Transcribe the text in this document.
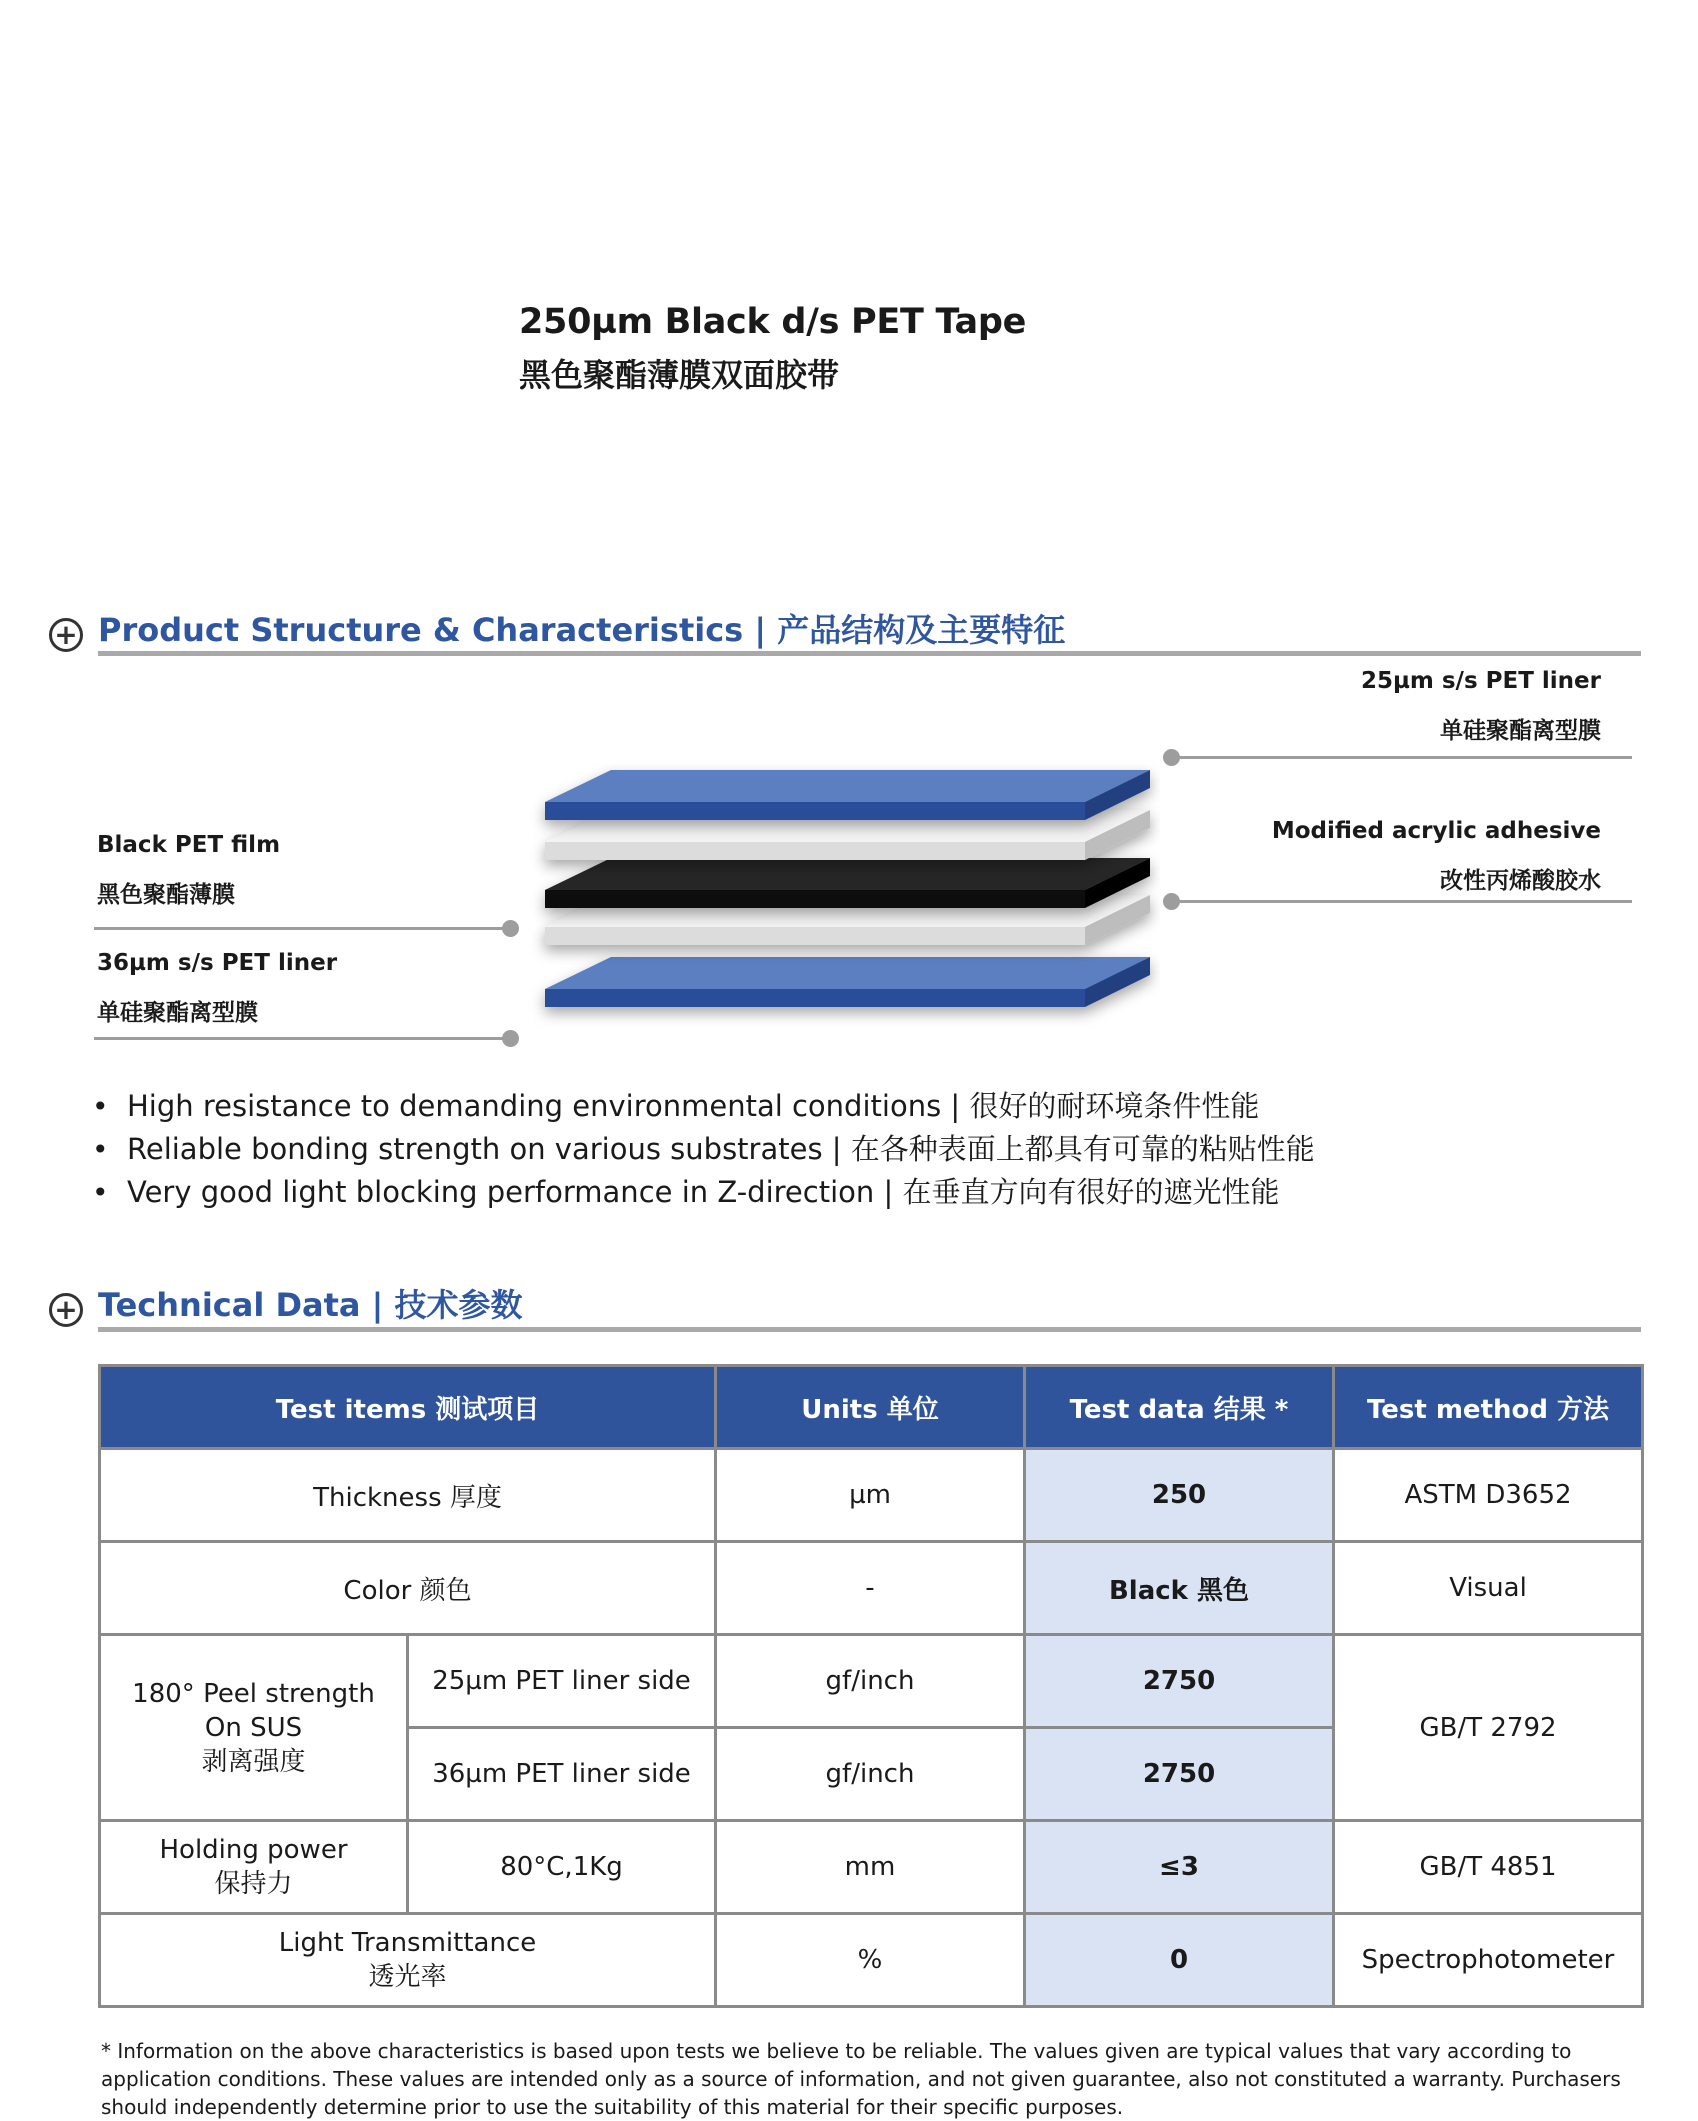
250µm Black d/s PET Tape
黑色聚酯薄膜双面胶带
+ Product Structure & Characteristics | 产品结构及主要特征
25µm s/s PET liner
单硅聚酯离型膜
Modified acrylic adhesive
改性丙烯酸胶水
Black PET film
黑色聚酯薄膜
36µm s/s PET liner
单硅聚酯离型膜
• High resistance to demanding environmental conditions | 很好的耐环境条件性能
• Reliable bonding strength on various substrates | 在各种表面上都具有可靠的粘贴性能
• Very good light blocking performance in Z-direction | 在垂直方向有很好的遮光性能
+ Technical Data | 技术参数
Test items 测试项目		Units 单位	Test data 结果 *	Test method 方法
Thickness 厚度		µm	250	ASTM D3652
Color 颜色		-	Black 黑色	Visual

180° Peel strength
On SUS
剥离强度	25µm PET liner side	gf/inch	2750	GB/T 2792
	36µm PET liner side	gf/inch	2750	

Holding power
保持力	80°C,1Kg	mm	≤3	GB/T 4851

Light Transmittance
透光率		%	0	Spectrophotometer
* Information on the above characteristics is based upon tests we believe to be reliable. The values given are typical values that vary according to application conditions. These values are intended only as a source of information, and not given guarantee, also not constituted a warranty. Purchasers should independently determine prior to use the suitability of this material for their specific purposes.
